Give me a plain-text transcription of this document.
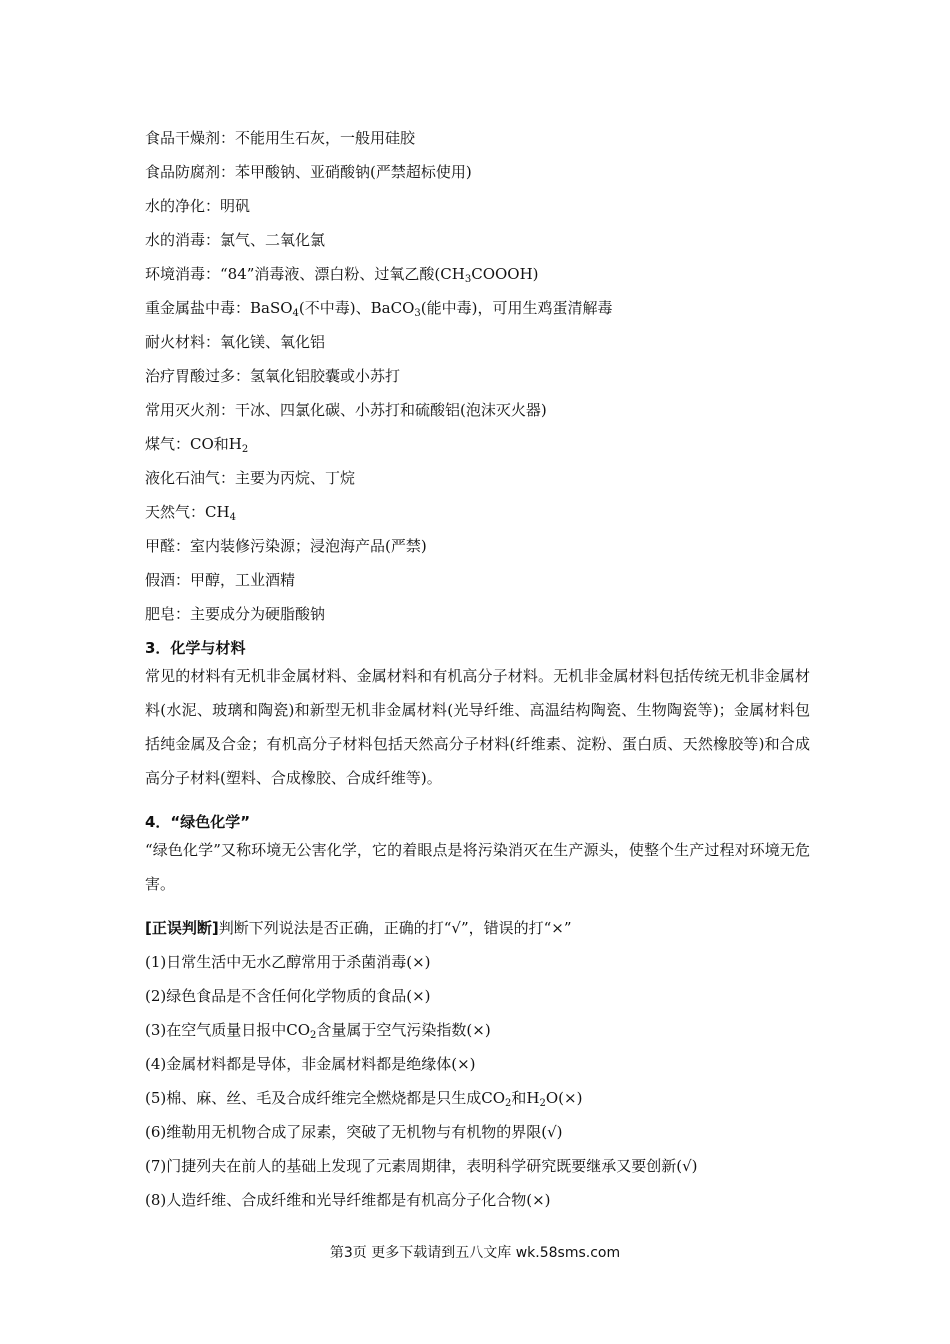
食品干燥剂：不能用生石灰，一般用硅胶
食品防腐剂：苯甲酸钠、亚硝酸钠(严禁超标使用)
水的净化：明矾
水的消毒：氯气、二氧化氯
环境消毒：“84”消毒液、漂白粉、过氧乙酸$(CH_3COOOH)$
重金属盐中毒：BaSO$_4$(不中毒)、BaCO$_3$(能中毒)，可用生鸡蛋清解毒
耐火材料：氧化镁、氧化铝
治疗胃酸过多：氢氧化铝胶囊或小苏打
常用灭火剂：干冰、四氯化碳、小苏打和硫酸铝(泡沫灭火器)
煤气：CO和$H_2$
液化石油气：主要为丙烷、丁烷
天然气：$CH_4$
甲醛：室内装修污染源；浸泡海产品(严禁)
假酒：甲醇，工业酒精
肥皂：主要成分为硬脂酸钠
3．化学与材料
常见的材料有无机非金属材料、金属材料和有机高分子材料。无机非金属材料包括传统无机非金属材料(水泥、玻璃和陶瓷)和新型无机非金属材料(光导纤维、高温结构陶瓷、生物陶瓷等)；金属材料包括纯金属及合金；有机高分子材料包括天然高分子材料(纤维素、淀粉、蛋白质、天然橡胶等)和合成高分子材料(塑料、合成橡胶、合成纤维等)。
4．“绿色化学”
“绿色化学”又称环境无公害化学，它的着眼点是将污染消灭在生产源头，使整个生产过程对环境无危害。
[正误判断]判断下列说法是否正确，正确的打“√”，错误的打“×”
(1)日常生活中无水乙醇常用于杀菌消毒(×)
(2)绿色食品是不含任何化学物质的食品(×)
(3)在空气质量日报中$CO_2$含量属于空气污染指数(×)
(4)金属材料都是导体，非金属材料都是绝缘体(×)
(5)棉、麻、丝、毛及合成纤维完全燃烧都是只生成$CO_2$和$H_2O(\times)$
(6)维勒用无机物合成了尿素，突破了无机物与有机物的界限(√)
(7)门捷列夫在前人的基础上发现了元素周期律，表明科学研究既要继承又要创新(√)
(8)人造纤维、合成纤维和光导纤维都是有机高分子化合物(×)
第3页 更多下载请到五八文库 wk.58sms.com
